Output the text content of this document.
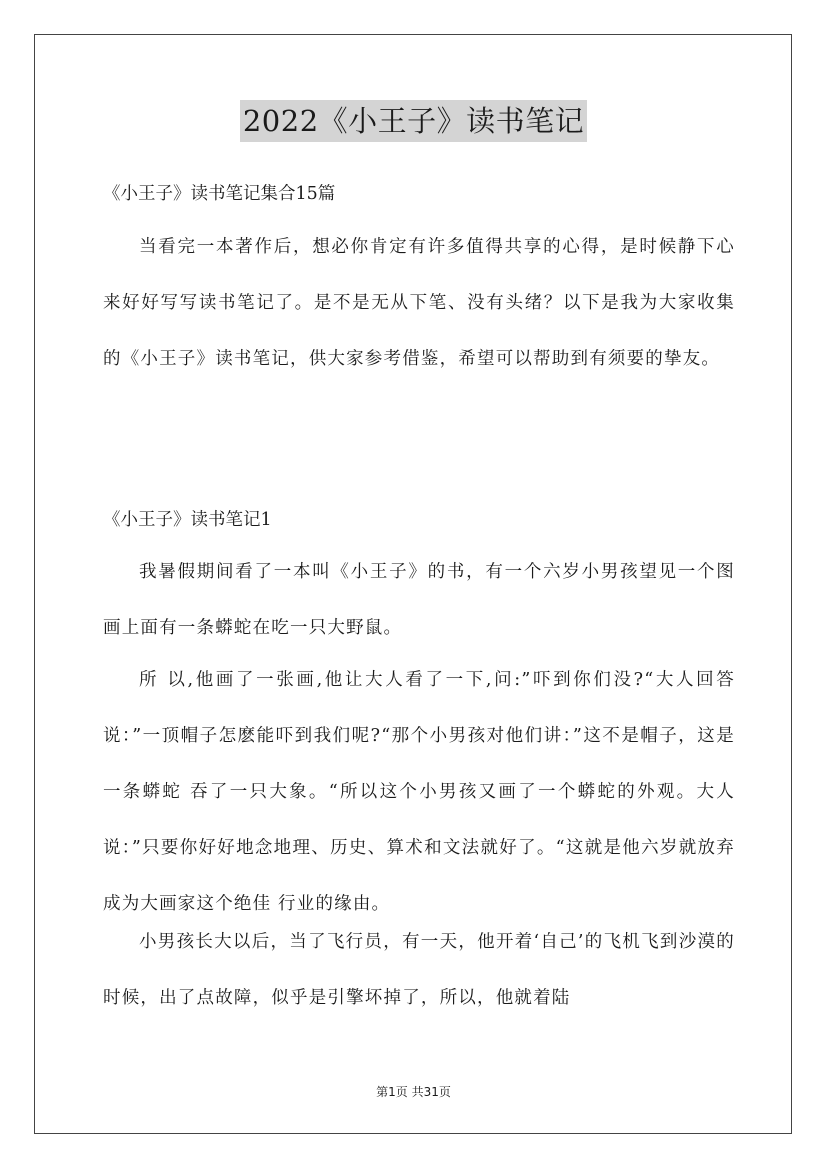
2022《小王子》读书笔记
《小王子》读书笔记集合15篇
当看完一本著作后，想必你肯定有许多值得共享的心得，是时候静下心来好好写写读书笔记了。是不是无从下笔、没有头绪？以下是我为大家收集的《小王子》读书笔记，供大家参考借鉴，希望可以帮助到有须要的挚友。
《小王子》读书笔记1
我暑假期间看了一本叫《小王子》的书，有一个六岁小男孩望见一个图画上面有一条蟒蛇在吃一只大野鼠。
所 以,他画了一张画,他让大人看了一下,问:”吓到你们没?“大人回答说：”一顶帽子怎麽能吓到我们呢?“那个小男孩对他们讲：”这不是帽子，这是一条蟒蛇 吞了一只大象。“所以这个小男孩又画了一个蟒蛇的外观。大人说：”只要你好好地念地理、历史、算术和文法就好了。“这就是他六岁就放弃成为大画家这个绝佳 行业的缘由。
小男孩长大以后，当了飞行员，有一天，他开着‘自己’的飞机飞到沙漠的时候，出了点故障，似乎是引擎坏掉了，所以，他就着陆
第1页 共31页
